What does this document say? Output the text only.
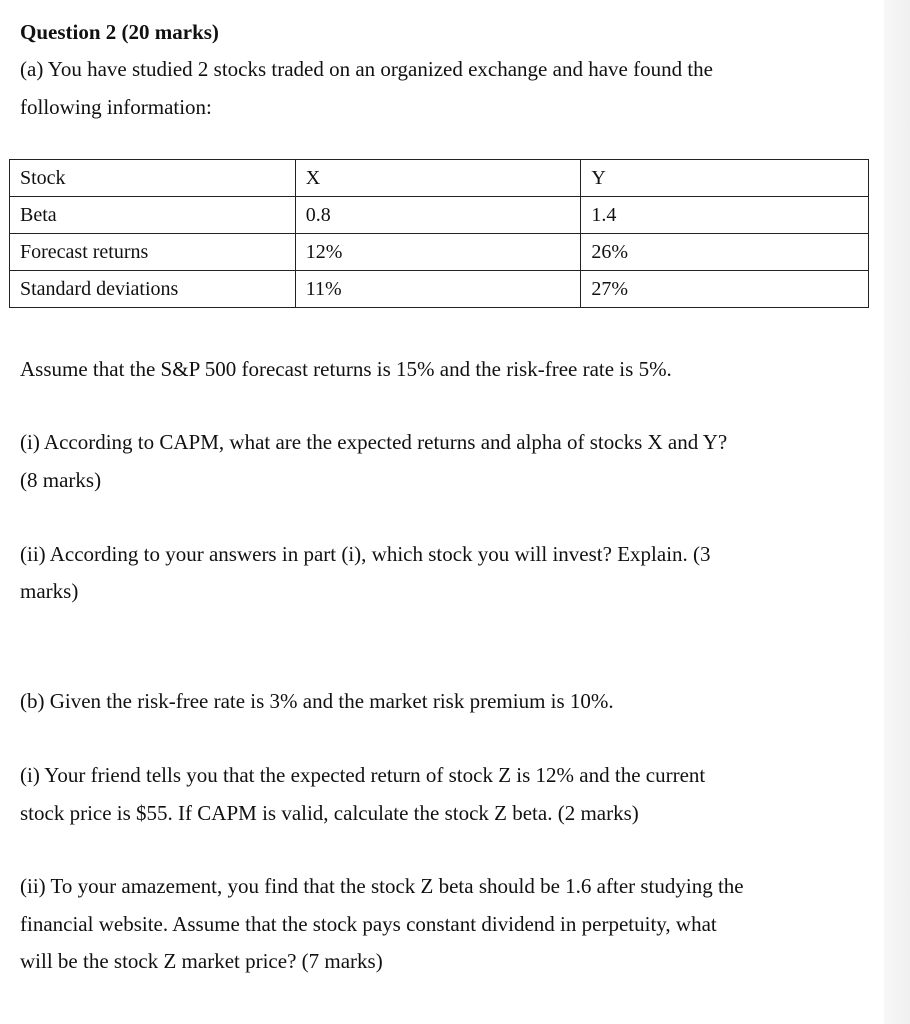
Question 2 (20 marks)
(a) You have studied 2 stocks traded on an organized exchange and have found the
following information:
Stock	X	Y
Beta	0.8	1.4
Forecast returns	12%	26%
Standard deviations	11%	27%
Assume that the S&P 500 forecast returns is 15% and the risk-free rate is 5%.
(i) According to CAPM, what are the expected returns and alpha of stocks X and Y?
(8 marks)
(ii) According to your answers in part (i), which stock you will invest? Explain. (3
marks)
(b) Given the risk-free rate is 3% and the market risk premium is 10%.
(i) Your friend tells you that the expected return of stock Z is 12% and the current
stock price is $55. If CAPM is valid, calculate the stock Z beta. (2 marks)
(ii) To your amazement, you find that the stock Z beta should be 1.6 after studying the
financial website. Assume that the stock pays constant dividend in perpetuity, what
will be the stock Z market price? (7 marks)
